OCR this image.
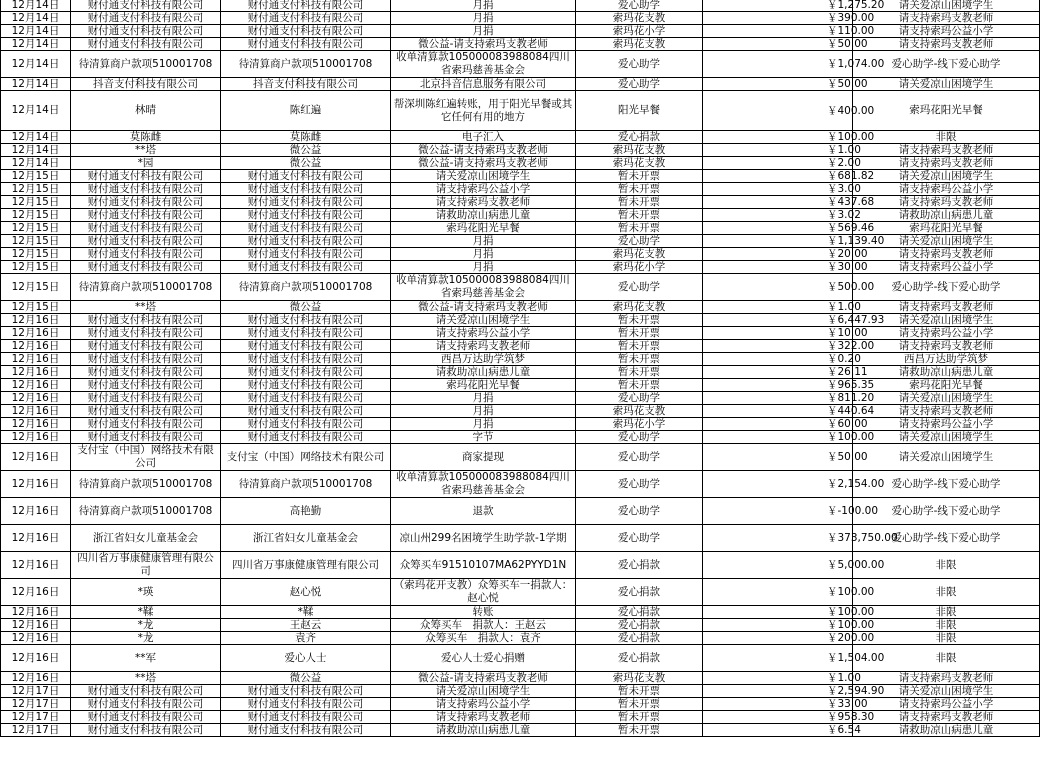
12月14日	财付通支付科技有限公司	财付通支付科技有限公司	月捐	爱心助学	￥1,275.20	请关爱凉山困境学生
12月14日	财付通支付科技有限公司	财付通支付科技有限公司	月捐	索玛花支教	￥390.00	请支持索玛支教老师
12月14日	财付通支付科技有限公司	财付通支付科技有限公司	月捐	索玛花小学	￥110.00	请支持索玛公益小学
12月14日	财付通支付科技有限公司	财付通支付科技有限公司	微公益-请支持索玛支教老师	索玛花支教	￥50.00	请支持索玛支教老师
12月14日	待清算商户款项510001708	待清算商户款项510001708	收单清算款105000083988084四川省索玛慈善基金会	爱心助学	￥1,074.00	爱心助学-线下爱心助学
12月14日	抖音支付科技有限公司	抖音支付科技有限公司	北京抖音信息服务有限公司	爱心助学	￥50.00	请关爱凉山困境学生
12月14日	林晴	陈红遍	帮深圳陈红遍转账，用于阳光早餐或其它任何有用的地方	阳光早餐	￥400.00	索玛花阳光早餐
12月14日	莫陈雌	莫陈雌	电子汇入	爱心捐款	￥100.00	非限
12月14日	**塔	微公益	微公益-请支持索玛支教老师	索玛花支教	￥1.00	请支持索玛支教老师
12月14日	*园	微公益	微公益-请支持索玛支教老师	索玛花支教	￥2.00	请支持索玛支教老师
12月15日	财付通支付科技有限公司	财付通支付科技有限公司	请关爱凉山困境学生	暂未开票	￥681.82	请关爱凉山困境学生
12月15日	财付通支付科技有限公司	财付通支付科技有限公司	请支持索玛公益小学	暂未开票	￥3.00	请支持索玛公益小学
12月15日	财付通支付科技有限公司	财付通支付科技有限公司	请支持索玛支教老师	暂未开票	￥437.68	请支持索玛支教老师
12月15日	财付通支付科技有限公司	财付通支付科技有限公司	请救助凉山病患儿童	暂未开票	￥3.02	请救助凉山病患儿童
12月15日	财付通支付科技有限公司	财付通支付科技有限公司	索玛花阳光早餐	暂未开票	￥569.46	索玛花阳光早餐
12月15日	财付通支付科技有限公司	财付通支付科技有限公司	月捐	爱心助学	￥1,139.40	请关爱凉山困境学生
12月15日	财付通支付科技有限公司	财付通支付科技有限公司	月捐	索玛花支教	￥20.00	请支持索玛支教老师
12月15日	财付通支付科技有限公司	财付通支付科技有限公司	月捐	索玛花小学	￥30.00	请支持索玛公益小学
12月15日	待清算商户款项510001708	待清算商户款项510001708	收单清算款105000083988084四川省索玛慈善基金会	爱心助学	￥500.00	爱心助学-线下爱心助学
12月15日	**塔	微公益	微公益-请支持索玛支教老师	索玛花支教	￥1.00	请支持索玛支教老师
12月16日	财付通支付科技有限公司	财付通支付科技有限公司	请关爱凉山困境学生	暂未开票	￥6,447.93	请关爱凉山困境学生
12月16日	财付通支付科技有限公司	财付通支付科技有限公司	请支持索玛公益小学	暂未开票	￥10.00	请支持索玛公益小学
12月16日	财付通支付科技有限公司	财付通支付科技有限公司	请支持索玛支教老师	暂未开票	￥322.00	请支持索玛支教老师
12月16日	财付通支付科技有限公司	财付通支付科技有限公司	西昌万达助学筑梦	暂未开票	￥0.20	西昌万达助学筑梦
12月16日	财付通支付科技有限公司	财付通支付科技有限公司	请救助凉山病患儿童	暂未开票	￥26.11	请救助凉山病患儿童
12月16日	财付通支付科技有限公司	财付通支付科技有限公司	索玛花阳光早餐	暂未开票	￥965.35	索玛花阳光早餐
12月16日	财付通支付科技有限公司	财付通支付科技有限公司	月捐	爱心助学	￥811.20	请关爱凉山困境学生
12月16日	财付通支付科技有限公司	财付通支付科技有限公司	月捐	索玛花支教	￥440.64	请支持索玛支教老师
12月16日	财付通支付科技有限公司	财付通支付科技有限公司	月捐	索玛花小学	￥60.00	请支持索玛公益小学
12月16日	财付通支付科技有限公司	财付通支付科技有限公司	字节	爱心助学	￥100.00	请关爱凉山困境学生
12月16日	支付宝（中国）网络技术有限公司	支付宝（中国）网络技术有限公司	商家提现	爱心助学	￥50.00	请关爱凉山困境学生
12月16日	待清算商户款项510001708	待清算商户款项510001708	收单清算款105000083988084四川省索玛慈善基金会	爱心助学	￥2,154.00	爱心助学-线下爱心助学
12月16日	待清算商户款项510001708	高艳勤	退款	爱心助学	￥-100.00	爱心助学-线下爱心助学
12月16日	浙江省妇女儿童基金会	浙江省妇女儿童基金会	凉山州299名困境学生助学款-1学期	爱心助学	￥373,750.00	爱心助学-线下爱心助学
12月16日	四川省万事康健康管理有限公司	四川省万事康健康管理有限公司	众筹买车91510107MA62PYYD1N	爱心捐款	￥5,000.00	非限
12月16日	*瑛	赵心悦	（索玛花开支教）众筹买车一捐款人：赵心悦	爱心捐款	￥100.00	非限
12月16日	*鞣	*鞣	转账	爱心捐款	￥100.00	非限
12月16日	*龙	王赵云	众筹买车　捐款人：王赵云	爱心捐款	￥100.00	非限
12月16日	*龙	袁齐	众筹买车　捐款人：袁齐	爱心捐款	￥200.00	非限
12月16日	**军	爱心人士	爱心人士爱心捐赠	爱心捐款	￥1,504.00	非限
12月16日	**塔	微公益	微公益-请支持索玛支教老师	索玛花支教	￥1.00	请支持索玛支教老师
12月17日	财付通支付科技有限公司	财付通支付科技有限公司	请关爱凉山困境学生	暂未开票	￥2,594.90	请关爱凉山困境学生
12月17日	财付通支付科技有限公司	财付通支付科技有限公司	请支持索玛公益小学	暂未开票	￥33.00	请支持索玛公益小学
12月17日	财付通支付科技有限公司	财付通支付科技有限公司	请支持索玛支教老师	暂未开票	￥958.30	请支持索玛支教老师
12月17日	财付通支付科技有限公司	财付通支付科技有限公司	请救助凉山病患儿童	暂未开票	￥6.54	请救助凉山病患儿童
